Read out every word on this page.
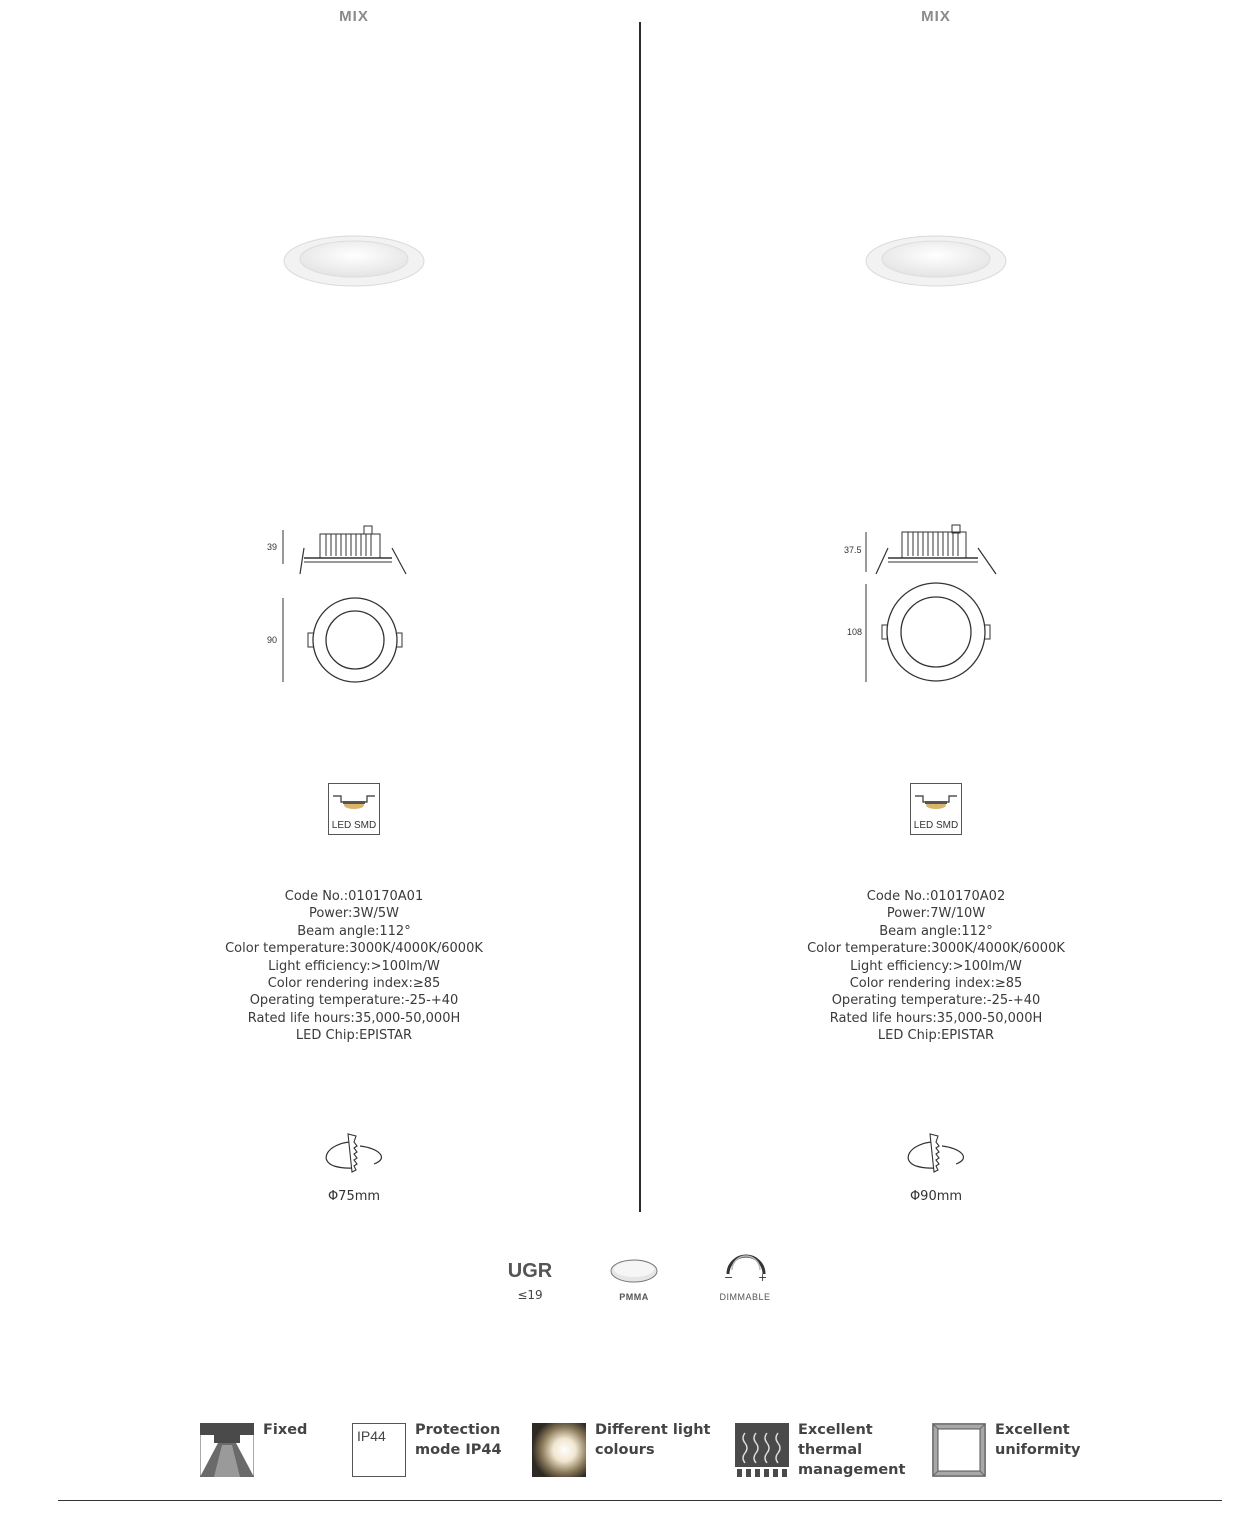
MIX	MIX
39
90
37.5
108
LED SMD	LED SMD
Code No.:010170A01
Power:3W/5W
Beam angle:112°
Color temperature:3000K/4000K/6000K
Light efficiency:>100lm/W
Color rendering index:≥85
Operating temperature:-25-+40
Rated life hours:35,000-50,000H
LED Chip:EPISTAR
Code No.:010170A02
Power:7W/10W
Beam angle:112°
Color temperature:3000K/4000K/6000K
Light efficiency:>100lm/W
Color rendering index:≥85
Operating temperature:-25-+40
Rated life hours:35,000-50,000H
LED Chip:EPISTAR
Φ75mm	Φ90mm
UGR
≤19	PMMA
− +
DIMMABLE
Fixed	IP44 Protection
mode IP44
Different light
colours
Excellent
thermal
management
Excellent
uniformity
